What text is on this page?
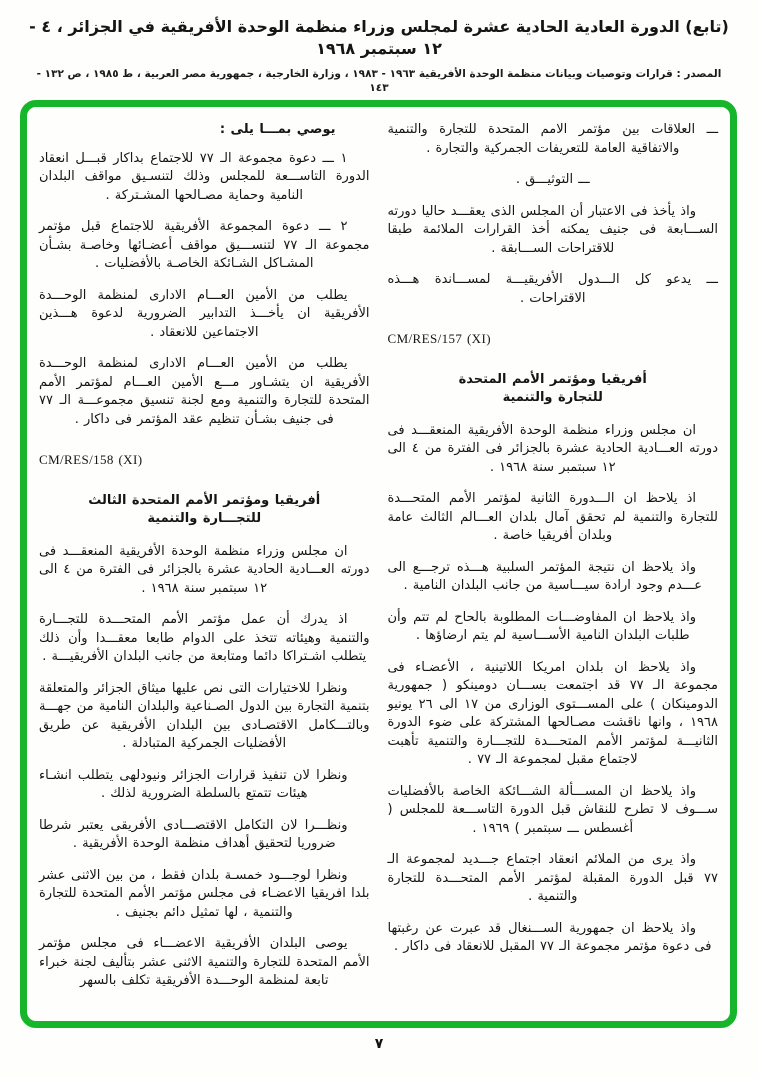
(تابع) الدورة العادية الحادية عشرة لمجلس وزراء منظمة الوحدة الأفريقية في الجزائر ، ٤ - ١٢ سبتمبر ١٩٦٨
المصدر : قرارات وتوصيات وبيانات منظمة الوحدة الأفريقية ١٩٦٣ - ١٩٨٣ ، وزارة الخارجية ، جمهورية مصر العربية ، ط ١٩٨٥ ، ص ١٣٢ - ١٤٣

ـــ العلاقات بين مؤتمر الامم المتحدة للتجارة والتنمية والاتفاقية العامة للتعريفات الجمركية والتجارة .

ـــ التوثيـــق .

واذ يأخذ فى الاعتبار أن المجلس الذى يعقـــد حاليا دورته الســـابعة فى جنيف يمكنه أخذ القرارات الملائمة طبقا للاقتراحات الســـابقة .

ـــ يدعو كل الـــدول الأفريقيـــة لمســـاندة هـــذه الاقتراحات .

CM/RES/157 (XI)

أفريقيا ومؤتمر الأمم المتحدة
للتجارة والتنمية

ان مجلس وزراء منظمة الوحدة الأفريقية المنعقـــد فى دورته العـــادية الحادية عشرة بالجزائر فى الفترة من ٤ الى ١٢ سبتمبر سنة ١٩٦٨ .

اذ يلاحظ ان الـــدورة الثانية لمؤتمر الأمم المتحـــدة للتجارة والتنمية لم تحقق آمال بلدان العـــالم الثالث عامة وبلدان أفريقيا خاصة .

واذ يلاحظ ان نتيجة المؤتمر السلبية هـــذه ترجـــع الى عـــدم وجود ارادة سيـــاسية من جانب البلدان النامية .

واذ يلاحظ ان المفاوضـــات المطلوبة بالحاح لم تتم وأن طلبات البلدان النامية الأســـاسية لم يتم ارضاؤها .

واذ يلاحظ ان بلدان امريكا اللاتينية ، الأعضـاء فى مجموعة الـ ٧٧ قد اجتمعت بســـان دومينكو ( جمهورية الدومينكان ) على المســـتوى الوزارى من ١٧ الى ٢٦ يونيو ١٩٦٨ ، وانها ناقشت مصـالحها المشتركة على ضوء الدورة الثانيـــة لمؤتمر الأمم المتحـــدة للتجـــارة والتنمية تأهبت لاجتماع مقبل لمجموعة الـ ٧٧ .

واذ يلاحظ ان المســـألة الشـــائكة الخاصة بالأفضليات ســـوف لا تطرح للنقاش قبل الدورة التاســـعة للمجلس ( أغسطس ـــ سبتمبر ) ١٩٦٩ .

واذ يرى من الملائم انعقاد اجتماع جـــديد لمجموعة الـ ٧٧ قبل الدورة المقبلة لمؤتمر الأمم المتحـــدة للتجارة والتنمية .

واذ يلاحظ ان جمهورية الســـنغال قد عبرت عن رغبتها فى دعوة مؤتمر مجموعة الـ ٧٧ المقبل للانعقاد فى داكار .

يوصي بمـــا يلى :

١ ـــ دعوة مجموعة الـ ٧٧ للاجتماع بداكار قبـــل انعقاد الدورة التاســـعة للمجلس وذلك لتنسـيق مواقف البلدان النامية وحماية مصـالحها المشـتركة .

٢ ـــ دعوة المجموعة الأفريقية للاجتماع قبل مؤتمر مجموعة الـ ٧٧ لتنســـيق مواقف أعضـائها وخاصـة بشـأن المشـاكل الشـائكة الخاصـة بالأفضليات .

يطلب من الأمين العـــام الادارى لمنظمة الوحـــدة الأفريقية ان يأخـــذ التدابير الضرورية لدعوة هـــذين الاجتماعين للانعقاد .

يطلب من الأمين العـــام الادارى لمنظمة الوحـــدة الأفريقية ان يتشـاور مـــع الأمين العـــام لمؤتمر الأمم المتحدة للتجارة والتنمية ومع لجنة تنسيق مجموعـــة الـ ٧٧ فى جنيف بشـأن تنظيم عقد المؤتمر فى داكار .

CM/RES/158 (XI)

أفريقيا ومؤتمر الأمم المتحدة الثالث
للتجـــارة والتنمية

ان مجلس وزراء منظمة الوحدة الأفريقية المنعقـــد فى دورته العـــادية الحادية عشرة بالجزائر فى الفترة من ٤ الى ١٢ سبتمبر سنة ١٩٦٨ .

اذ يدرك أن عمل مؤتمر الأمم المتحـــدة للتجـــارة والتنمية وهيئاته تتخذ على الدوام طابعا معقـــدا وأن ذلك يتطلب اشـتراكا دائما ومتابعة من جانب البلدان الأفريقيـــة .

ونظرا للاختيارات التى نص عليها ميثاق الجزائر والمتعلقة بتنمية التجارة بين الدول الصـناعية والبلدان النامية من جهـــة وبالتـــكامل الاقتصـادى بين البلدان الأفريقية عن طريق الأفضليات الجمركية المتبادلة .

ونظرا لان تنفيذ قرارات الجزائر ونيودلهى يتطلب انشـاء هيئات تتمتع بالسلطة الضرورية لذلك .

ونظـــرا لان التكامل الاقتصـــادى الأفريقى يعتبر شرطا ضروريا لتحقيق أهداف منظمة الوحدة الأفريقية .

ونظرا لوجـــود خمسـة بلدان فقط ، من بين الاثنى عشر بلدا افريقيا الاعضـاء فى مجلس مؤتمر الأمم المتحدة للتجارة والتنمية ، لها تمثيل دائم بجنيف .

يوصى البلدان الأفريقية الاعضـــاء فى مجلس مؤتمر الأمم المتحدة للتجارة والتنمية الاثنى عشر بتأليف لجنة خبراء تابعة لمنظمة الوحـــدة الأفريقية تكلف بالسهر

٧
